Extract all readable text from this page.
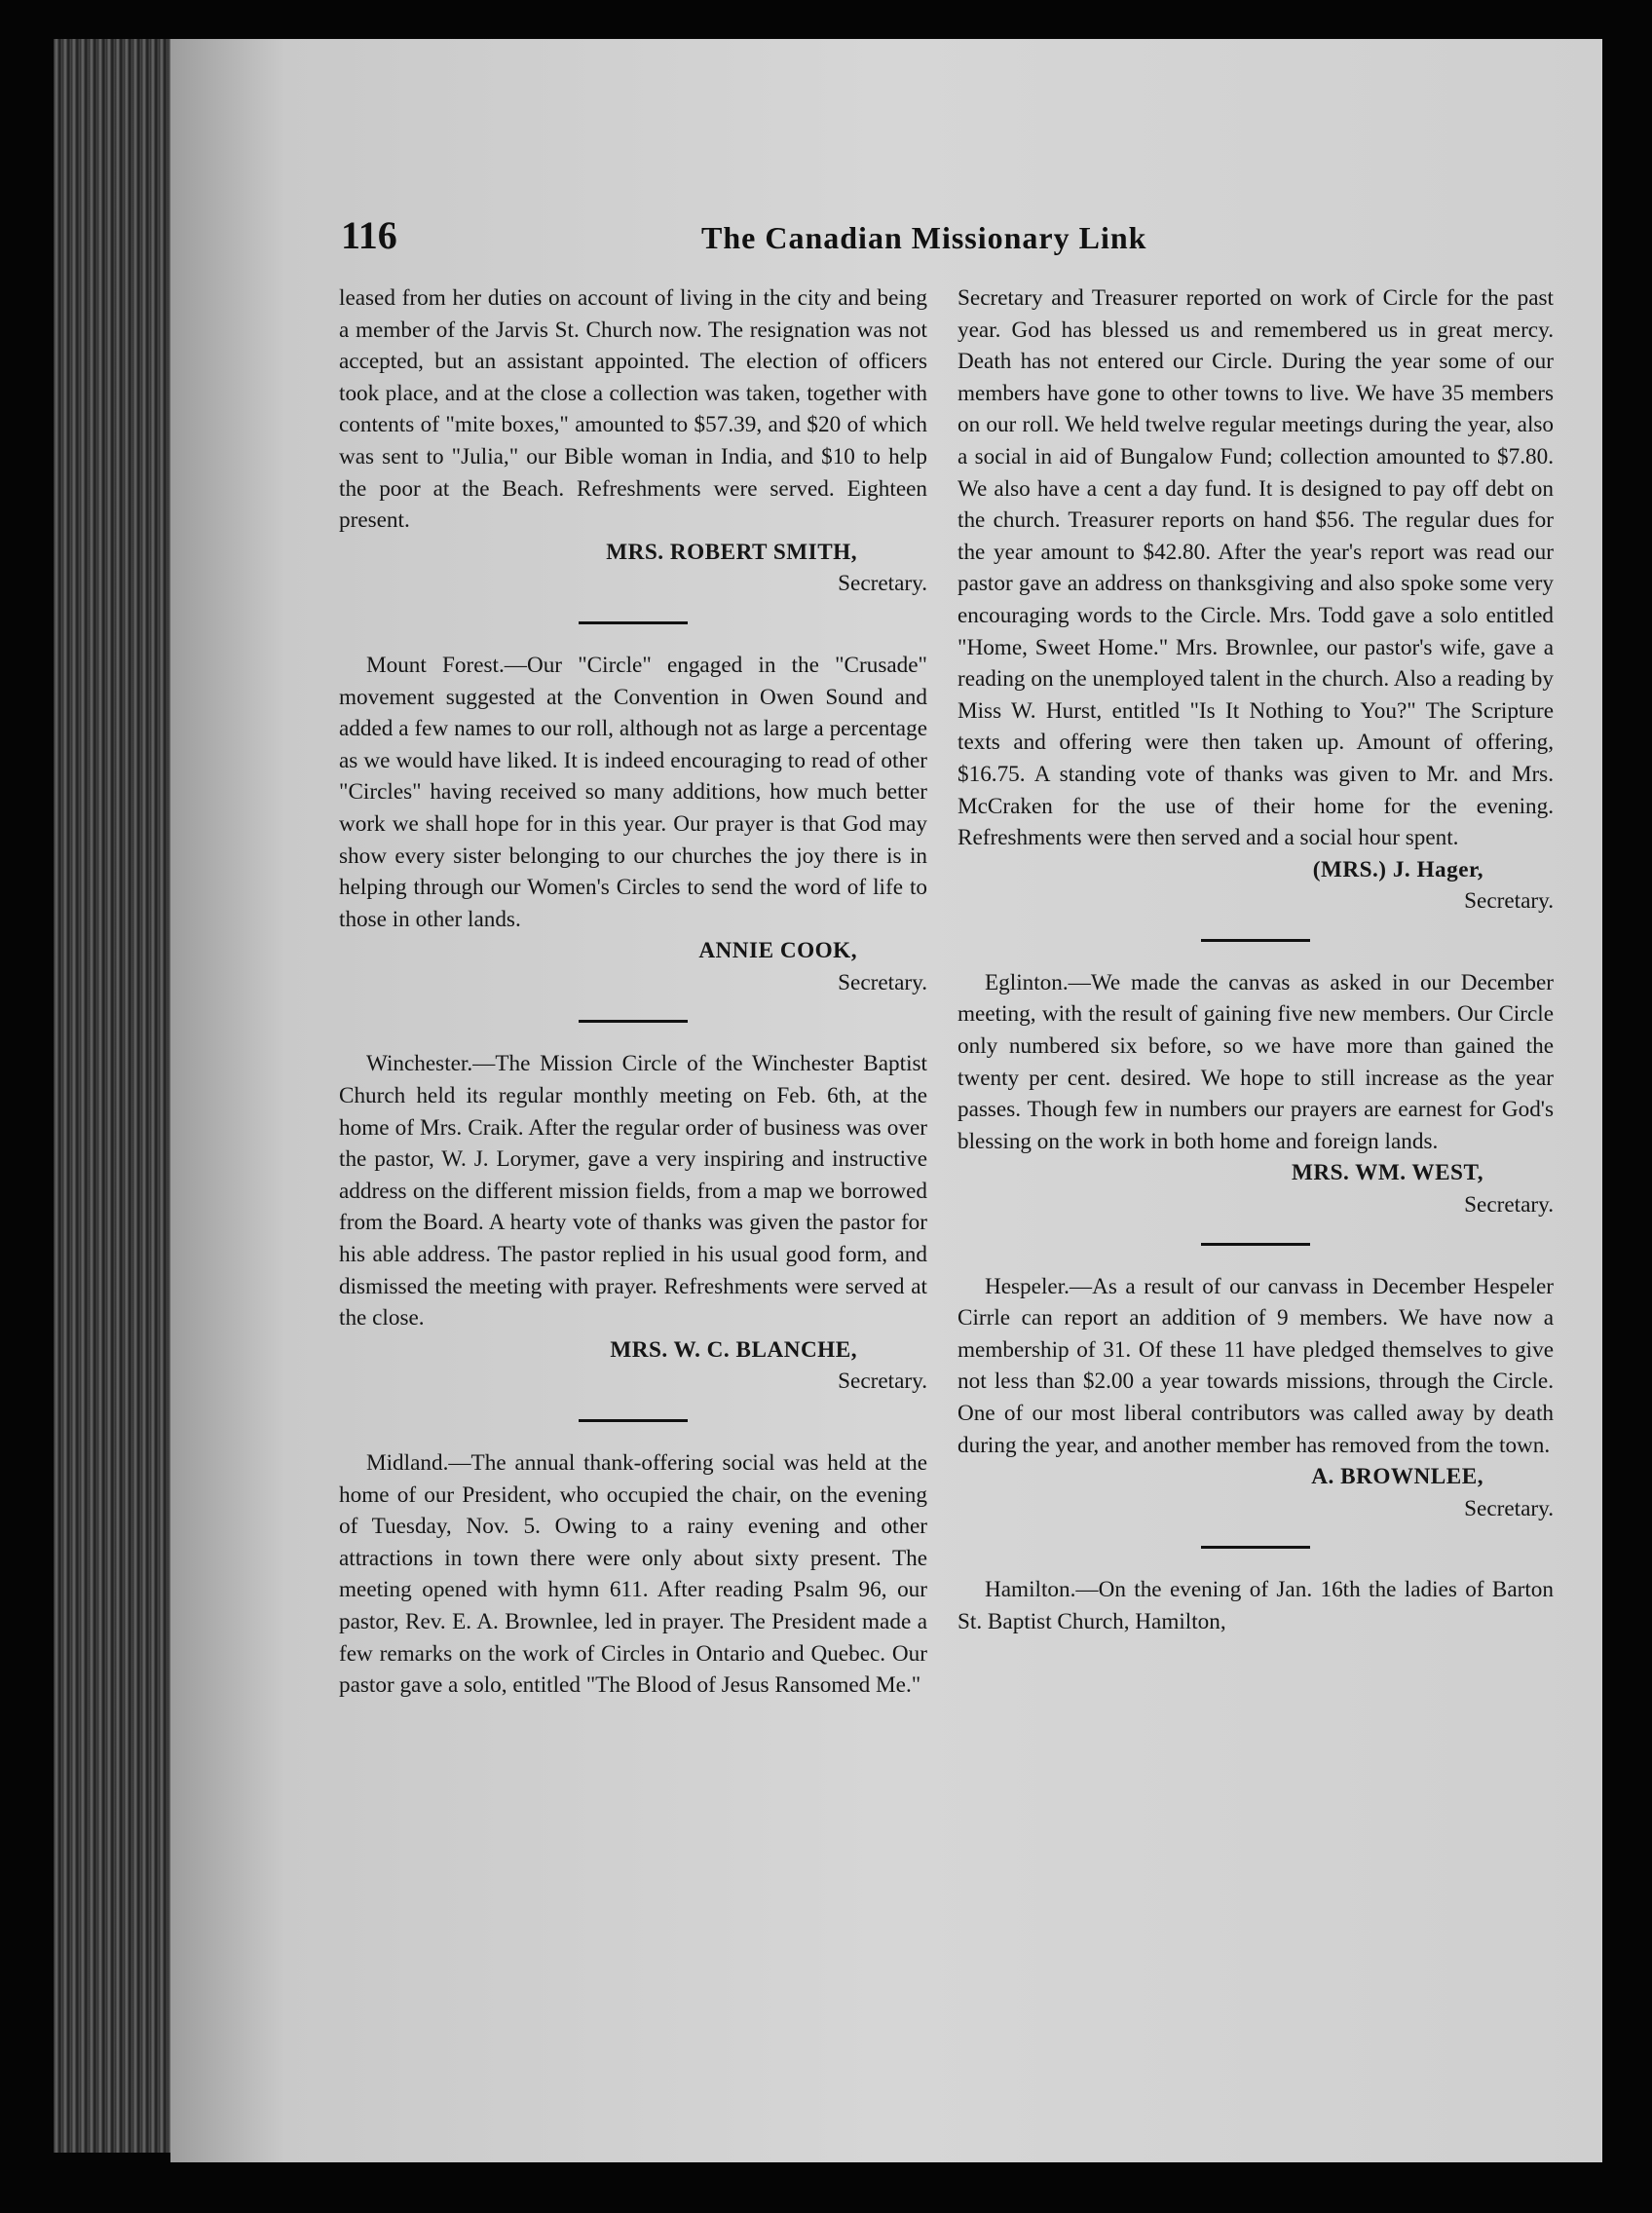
116	The Canadian Missionary Link

leased from her duties on account of living in the city and being a member of the Jarvis St. Church now. The resignation was not accepted, but an assistant appointed. The election of officers took place, and at the close a collection was taken, together with contents of "mite boxes," amounted to $57.39, and $20 of which was sent to "Julia," our Bible woman in India, and $10 to help the poor at the Beach. Refreshments were served. Eighteen present.

MRS. ROBERT SMITH,

Secretary.

Mount Forest.—Our "Circle" engaged in the "Crusade" movement suggested at the Convention in Owen Sound and added a few names to our roll, although not as large a percentage as we would have liked. It is indeed encouraging to read of other "Circles" having received so many additions, how much better work we shall hope for in this year. Our prayer is that God may show every sister belonging to our churches the joy there is in helping through our Women's Circles to send the word of life to those in other lands.

ANNIE COOK,

Secretary.

Winchester.—The Mission Circle of the Winchester Baptist Church held its regular monthly meeting on Feb. 6th, at the home of Mrs. Craik. After the regular order of business was over the pastor, W. J. Lorymer, gave a very inspiring and instructive address on the different mission fields, from a map we borrowed from the Board. A hearty vote of thanks was given the pastor for his able address. The pastor replied in his usual good form, and dismissed the meeting with prayer. Refreshments were served at the close.

MRS. W. C. BLANCHE,

Secretary.

Midland.—The annual thank-offering social was held at the home of our President, who occupied the chair, on the evening of Tuesday, Nov. 5. Owing to a rainy evening and other attractions in town there were only about sixty present. The meeting opened with hymn 611. After reading Psalm 96, our pastor, Rev. E. A. Brownlee, led in prayer. The President made a few remarks on the work of Circles in Ontario and Quebec. Our pastor gave a solo, entitled "The Blood of Jesus Ransomed Me."

Secretary and Treasurer reported on work of Circle for the past year. God has blessed us and remembered us in great mercy. Death has not entered our Circle. During the year some of our members have gone to other towns to live. We have 35 members on our roll. We held twelve regular meetings during the year, also a social in aid of Bungalow Fund; collection amounted to $7.80. We also have a cent a day fund. It is designed to pay off debt on the church. Treasurer reports on hand $56. The regular dues for the year amount to $42.80. After the year's report was read our pastor gave an address on thanksgiving and also spoke some very encouraging words to the Circle. Mrs. Todd gave a solo entitled "Home, Sweet Home." Mrs. Brownlee, our pastor's wife, gave a reading on the unemployed talent in the church. Also a reading by Miss W. Hurst, entitled "Is It Nothing to You?" The Scripture texts and offering were then taken up. Amount of offering, $16.75. A standing vote of thanks was given to Mr. and Mrs. McCraken for the use of their home for the evening. Refreshments were then served and a social hour spent.

(MRS.) J. Hager,

Secretary.

Eglinton.—We made the canvas as asked in our December meeting, with the result of gaining five new members. Our Circle only numbered six before, so we have more than gained the twenty per cent. desired. We hope to still increase as the year passes. Though few in numbers our prayers are earnest for God's blessing on the work in both home and foreign lands.

MRS. WM. WEST,

Secretary.

Hespeler.—As a result of our canvass in December Hespeler Cirrle can report an addition of 9 members. We have now a membership of 31. Of these 11 have pledged themselves to give not less than $2.00 a year towards missions, through the Circle. One of our most liberal contributors was called away by death during the year, and another member has removed from the town.

A. BROWNLEE,

Secretary.

Hamilton.—On the evening of Jan. 16th the ladies of Barton St. Baptist Church, Hamilton,
